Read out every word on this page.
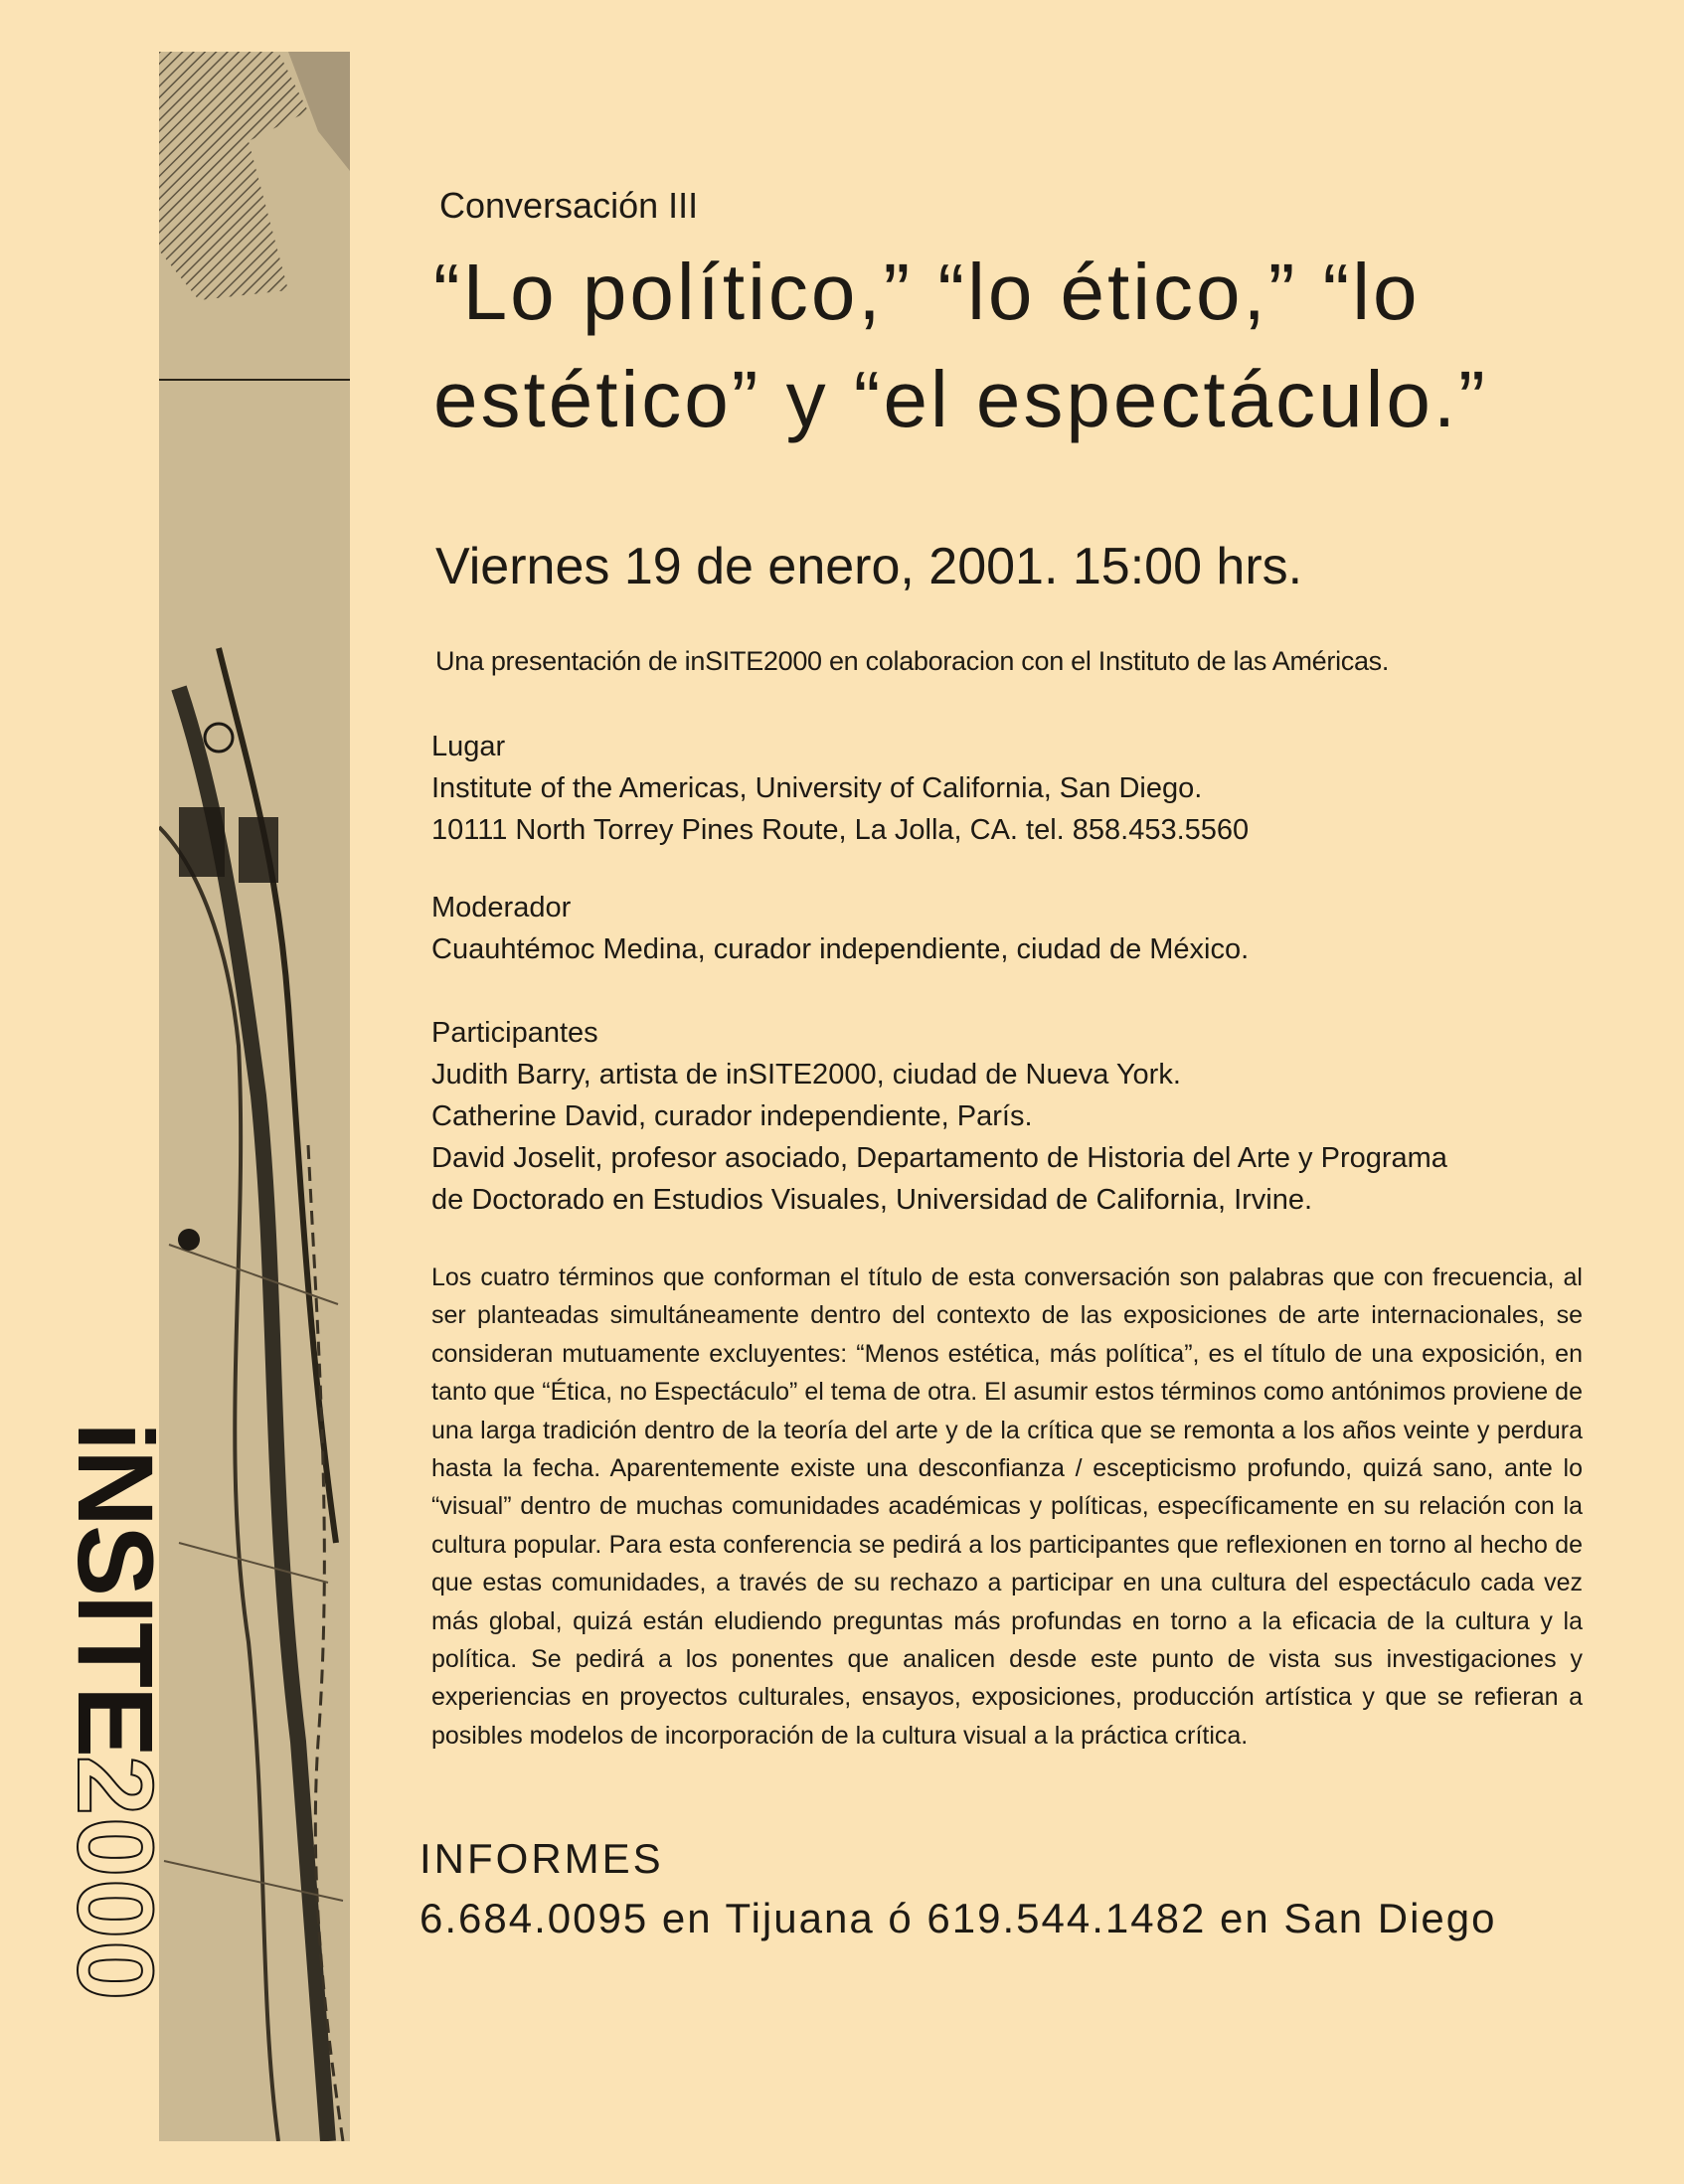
iNSITE2000
Conversación III
“Lo político,” “lo ético,” “lo estético” y “el espectáculo.”
Viernes 19 de enero, 2001. 15:00 hrs.
Una presentación de inSITE2000 en colaboracion con el Instituto de las Américas.
Lugar
Institute of the Americas, University of California, San Diego.
10111 North Torrey Pines Route, La Jolla, CA. tel. 858.453.5560
Moderador
Cuauhtémoc Medina, curador independiente, ciudad de México.
Participantes
Judith Barry, artista de inSITE2000, ciudad de Nueva York.
Catherine David, curador independiente, París.
David Joselit, profesor asociado, Departamento de Historia del Arte y Programa
de Doctorado en Estudios Visuales, Universidad de California, Irvine.

Los cuatro términos que conforman el título de esta conversación son palabras que con frecuencia, al ser planteadas simultáneamente dentro del contexto de las exposiciones de arte internacionales, se consideran mutuamente excluyentes: “Menos estética, más política”, es el título de una exposición, en tanto que “Ética, no Espectáculo” el tema de otra. El asumir estos términos como antónimos proviene de una larga tradición dentro de la teoría del arte y de la crítica que se remonta a los años veinte y perdura hasta la fecha. Aparentemente existe una desconfianza / escepticismo profundo, quizá sano, ante lo “visual” dentro de muchas comunidades académicas y políticas, específicamente en su relación con la cultura popular. Para esta conferencia se pedirá a los participantes que reflexionen en torno al hecho de que estas comunidades, a través de su rechazo a participar en una cultura del espectáculo cada vez más global, quizá están eludiendo preguntas más profundas en torno a la eficacia de la cultura y la política. Se pedirá a los ponentes que analicen desde este punto de vista sus investigaciones y experiencias en proyectos culturales, ensayos, exposiciones, producción artística y que se refieran a posibles modelos de incorporación de la cultura visual a la práctica crítica.

INFORMES
6.684.0095 en Tijuana ó 619.544.1482 en San Diego
